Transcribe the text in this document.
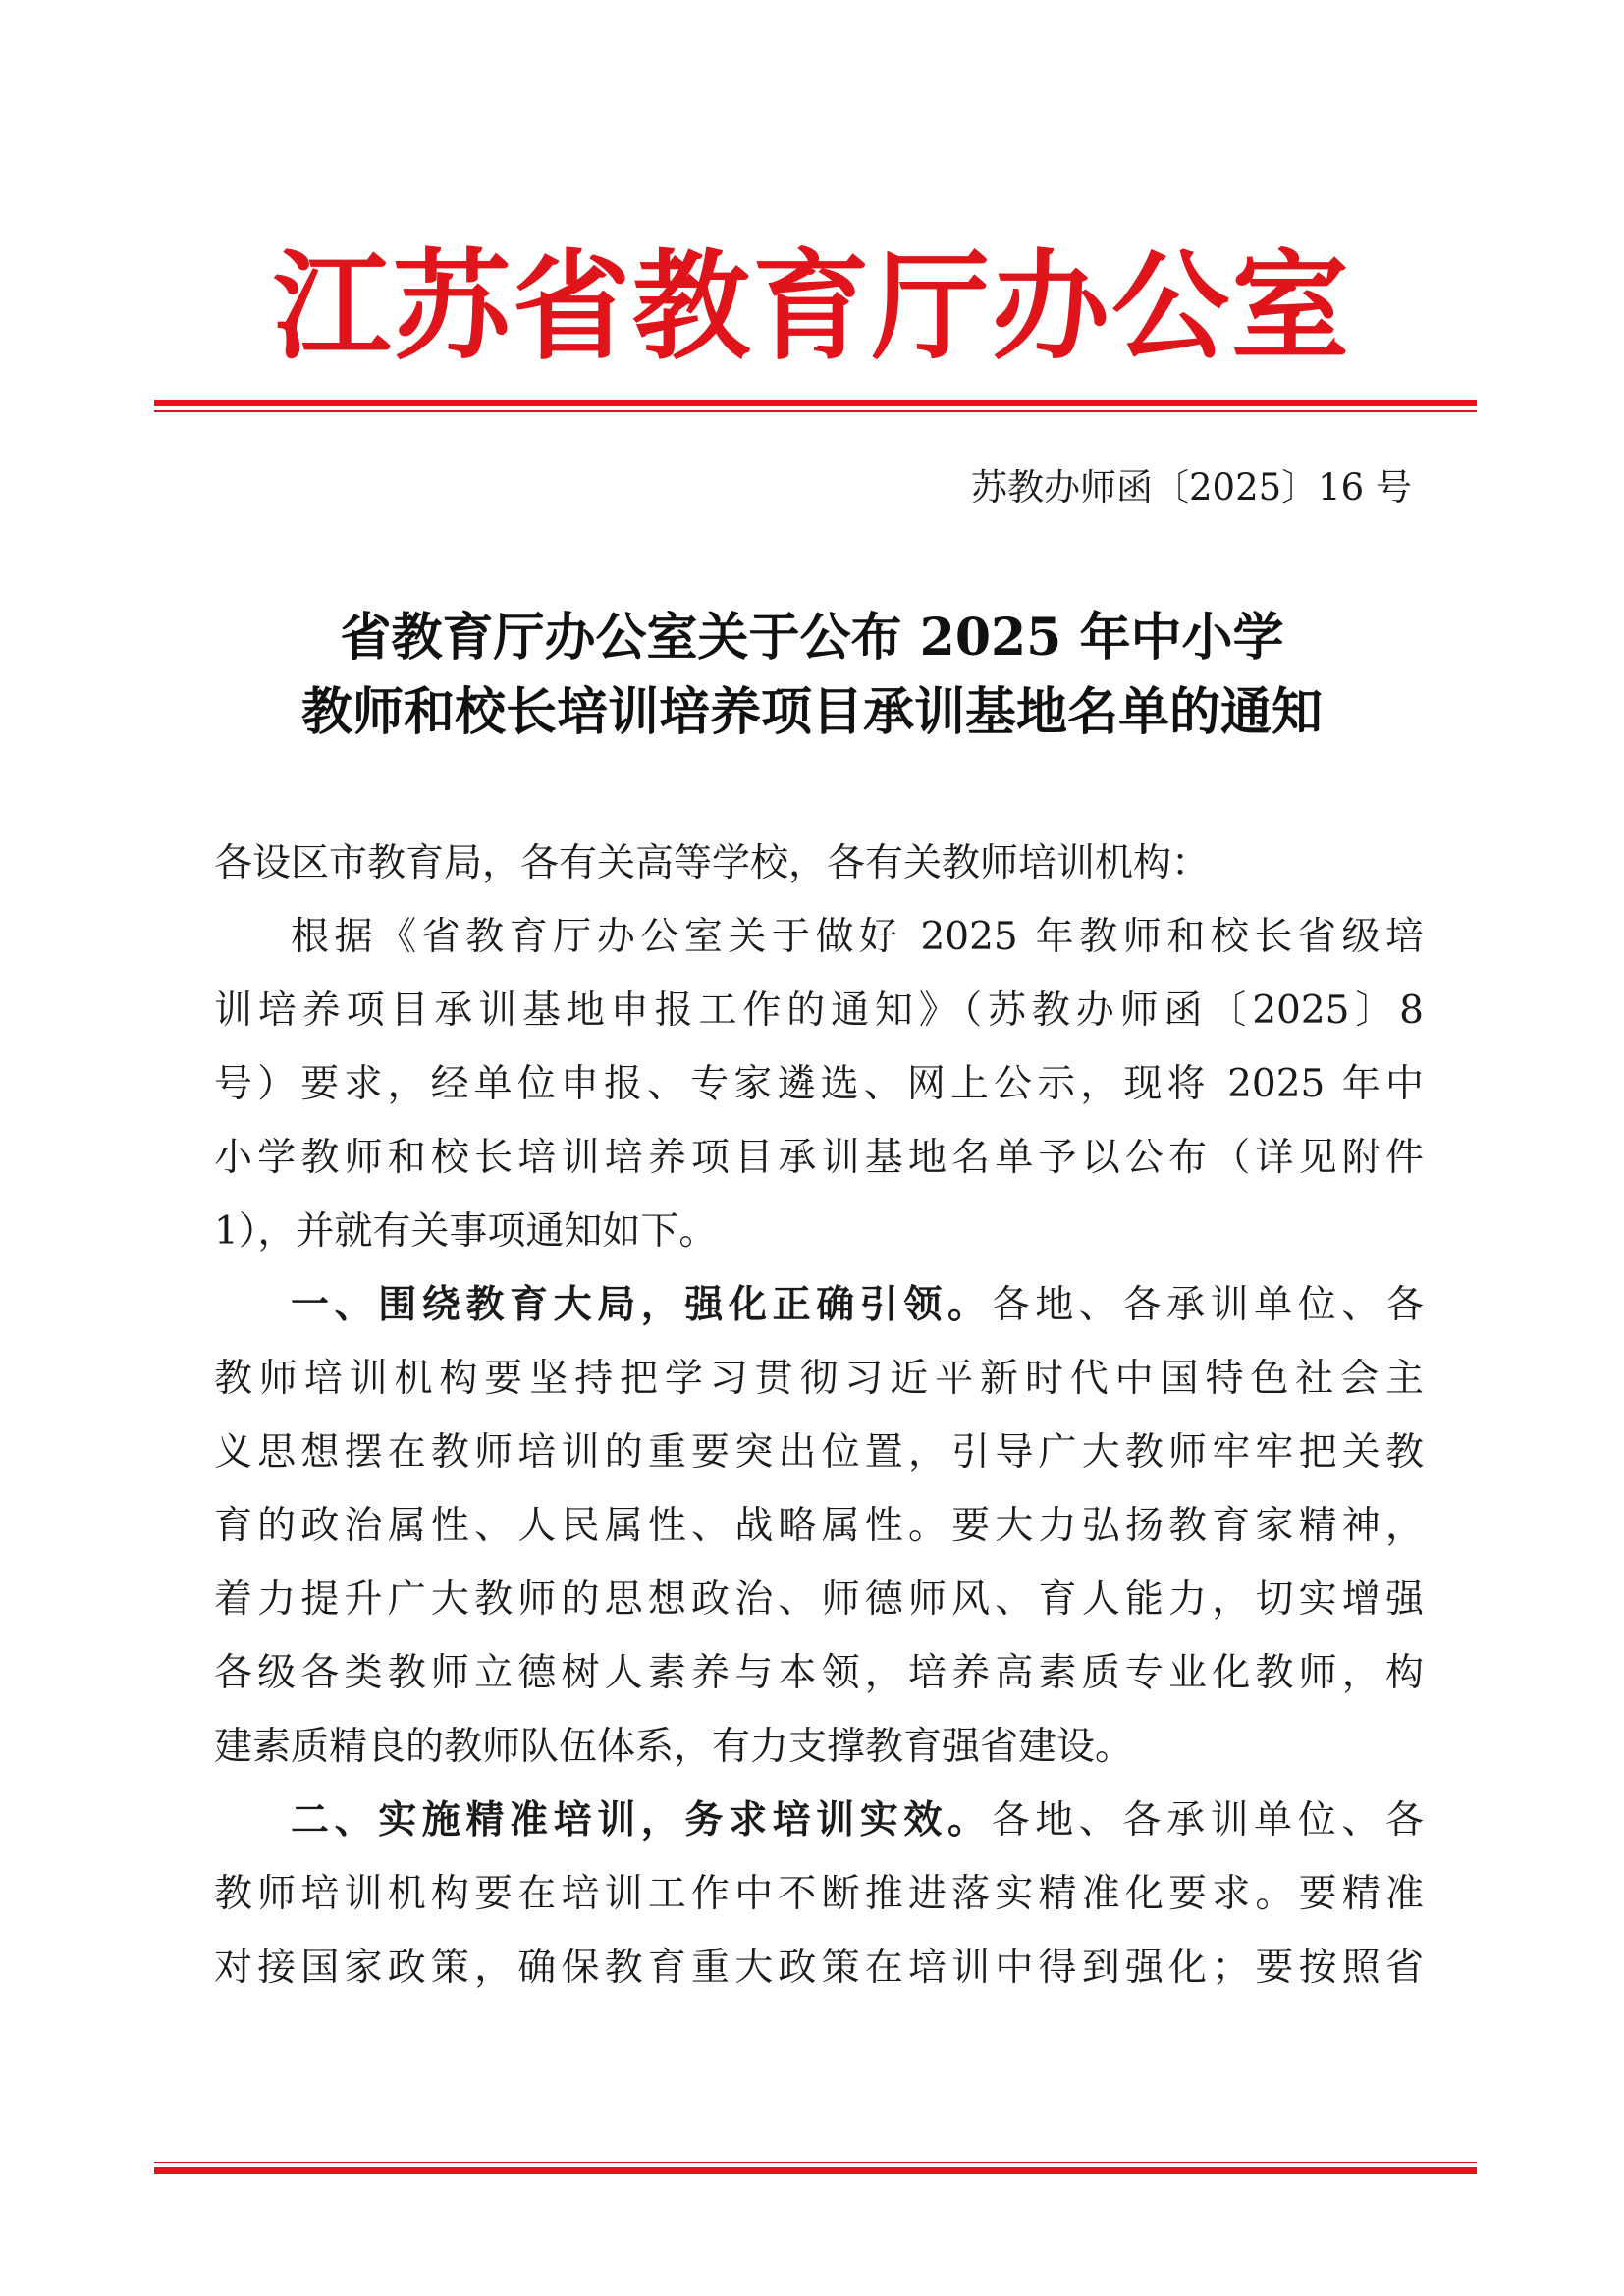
江苏省教育厅办公室
苏教办师函〔2025〕16 号
省教育厅办公室关于公布 2025 年中小学
教师和校长培训培养项目承训基地名单的通知
各设区市教育局，各有关高等学校，各有关教师培训机构：
根据《省教育厅办公室关于做好 2025 年教师和校长省级培
训培养项目承训基地申报工作的通知》（苏教办师函〔2025〕8
号）要求，经单位申报、专家遴选、网上公示，现将 2025 年中
小学教师和校长培训培养项目承训基地名单予以公布（详见附件
1），并就有关事项通知如下。
一、围绕教育大局，强化正确引领。各地、各承训单位、各
教师培训机构要坚持把学习贯彻习近平新时代中国特色社会主
义思想摆在教师培训的重要突出位置，引导广大教师牢牢把关教
育的政治属性、人民属性、战略属性。要大力弘扬教育家精神，
着力提升广大教师的思想政治、师德师风、育人能力，切实增强
各级各类教师立德树人素养与本领，培养高素质专业化教师，构
建素质精良的教师队伍体系，有力支撑教育强省建设。
二、实施精准培训，务求培训实效。各地、各承训单位、各
教师培训机构要在培训工作中不断推进落实精准化要求。要精准
对接国家政策，确保教育重大政策在培训中得到强化；要按照省
